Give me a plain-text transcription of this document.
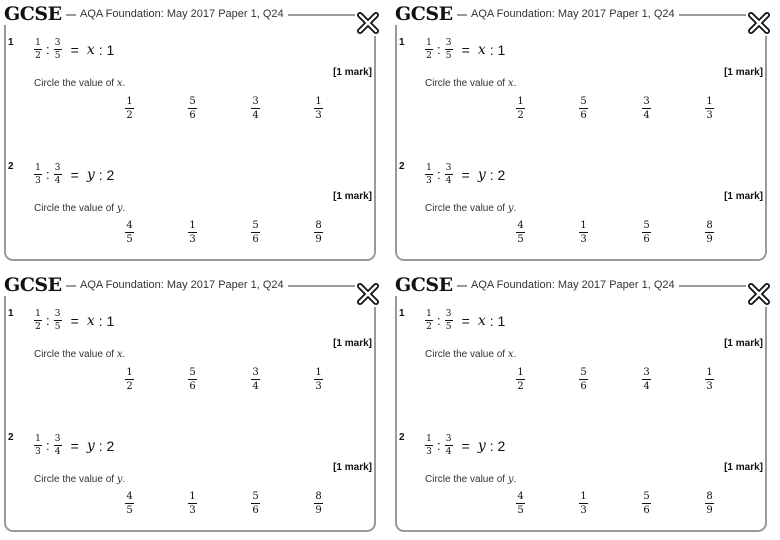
GCSE	AQA Foundation: May 2017 Paper 1, Q24
$1 \frac{1}{2}$ : $\frac{3}{5} = x$ : 1
[1 mark]
Circle the value of x.
$\frac{1}{2}$	$\frac{5}{6}$	$\frac{3}{4}$	$\frac{1}{3}$
$2 \frac{1}{3}$ : $\frac{3}{4} = y$ : 2
[1 mark]
Circle the value of y.
$\frac{4}{5}$	$\frac{1}{3}$	$\frac{5}{6}$	$\frac{8}{9}$
GCSE	AQA Foundation: May 2017 Paper 1, Q24
$1 \frac{1}{2}$ : $\frac{3}{5} = x$ : 1
[1 mark]
Circle the value of x.
$\frac{1}{2}$	$\frac{5}{6}$	$\frac{3}{4}$	$\frac{1}{3}$
$2 \frac{1}{3}$ : $\frac{3}{4} = y$ : 2
[1 mark]
Circle the value of y.
$\frac{4}{5}$	$\frac{1}{3}$	$\frac{5}{6}$	$\frac{8}{9}$
GCSE	AQA Foundation: May 2017 Paper 1, Q24
$1 \frac{1}{2}$ : $\frac{3}{5} = x$ : 1
[1 mark]
Circle the value of x.
$\frac{1}{2}$	$\frac{5}{6}$	$\frac{3}{4}$	$\frac{1}{3}$
$2 \frac{1}{3}$ : $\frac{3}{4} = y$ : 2
[1 mark]
Circle the value of y.
$\frac{4}{5}$	$\frac{1}{3}$	$\frac{5}{6}$	$\frac{8}{9}$
GCSE	AQA Foundation: May 2017 Paper 1, Q24
$1 \frac{1}{2}$ : $\frac{3}{5} = x$ : 1
[1 mark]
Circle the value of x.
$\frac{1}{2}$	$\frac{5}{6}$	$\frac{3}{4}$	$\frac{1}{3}$
$2 \frac{1}{3}$ : $\frac{3}{4} = y$ : 2
[1 mark]
Circle the value of y.
$\frac{4}{5}$	$\frac{1}{3}$	$\frac{5}{6}$	$\frac{8}{9}$
